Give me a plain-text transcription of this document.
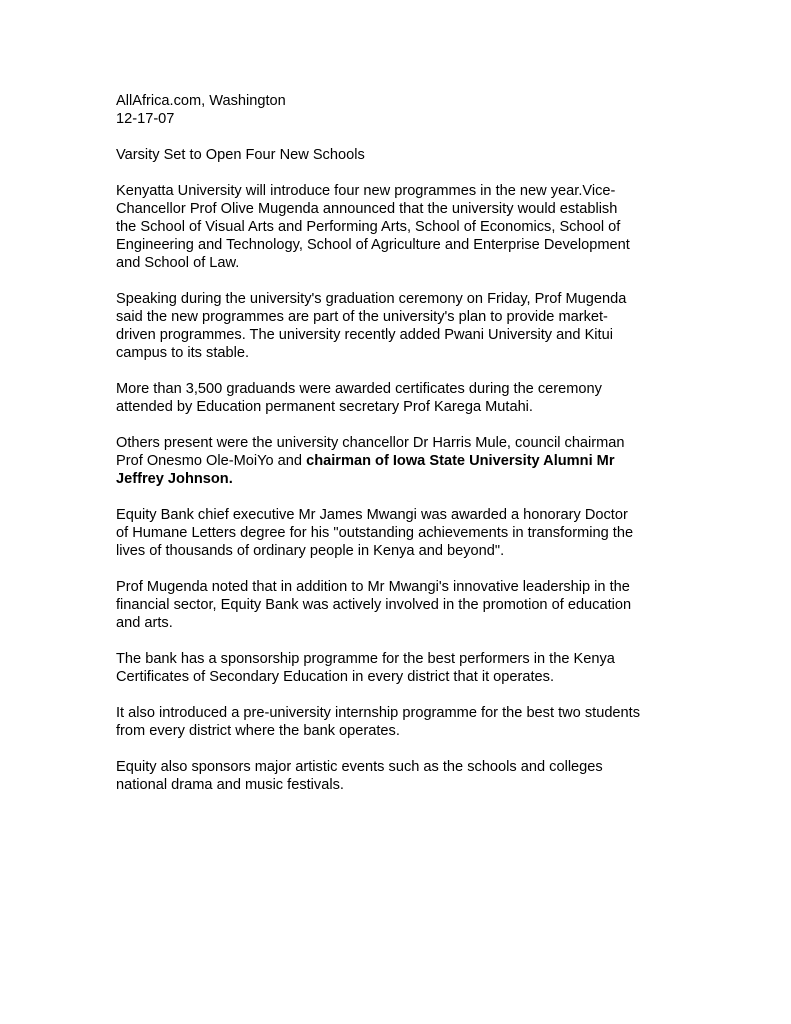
AllAfrica.com, Washington
12-17-07
Varsity Set to Open Four New Schools
Kenyatta University will introduce four new programmes in the new year.Vice-
Chancellor Prof Olive Mugenda announced that the university would establish
the School of Visual Arts and Performing Arts, School of Economics, School of
Engineering and Technology, School of Agriculture and Enterprise Development
and School of Law.
Speaking during the university's graduation ceremony on Friday, Prof Mugenda
said the new programmes are part of the university's plan to provide market-
driven programmes. The university recently added Pwani University and Kitui
campus to its stable.
More than 3,500 graduands were awarded certificates during the ceremony
attended by Education permanent secretary Prof Karega Mutahi.
Others present were the university chancellor Dr Harris Mule, council chairman
Prof Onesmo Ole-MoiYo and chairman of Iowa State University Alumni Mr
Jeffrey Johnson.
Equity Bank chief executive Mr James Mwangi was awarded a honorary Doctor
of Humane Letters degree for his "outstanding achievements in transforming the
lives of thousands of ordinary people in Kenya and beyond".
Prof Mugenda noted that in addition to Mr Mwangi's innovative leadership in the
financial sector, Equity Bank was actively involved in the promotion of education
and arts.
The bank has a sponsorship programme for the best performers in the Kenya
Certificates of Secondary Education in every district that it operates.
It also introduced a pre-university internship programme for the best two students
from every district where the bank operates.
Equity also sponsors major artistic events such as the schools and colleges
national drama and music festivals.
